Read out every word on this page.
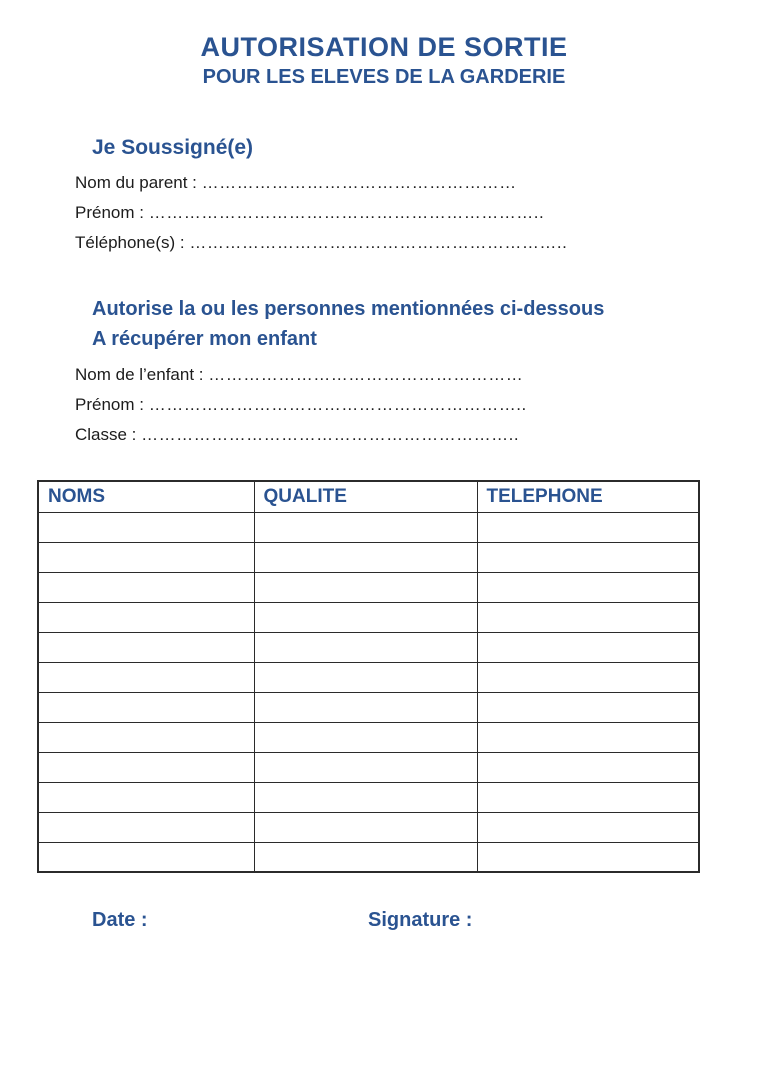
AUTORISATION DE SORTIE
POUR LES ELEVES DE LA GARDERIE
Je Soussigné(e)
Nom du parent : ………………………………………………
Prénom : …………………………………………………………..
Téléphone(s) : ………………………………………………………..
Autorise la ou les personnes mentionnées ci-dessous
A récupérer mon enfant
Nom de l’enfant : ………………………………………………
Prénom : ………………………………………………………..
Classe : ………………………………………………………..
NOMS	QUALITE	TELEPHONE

Date :	Signature :
